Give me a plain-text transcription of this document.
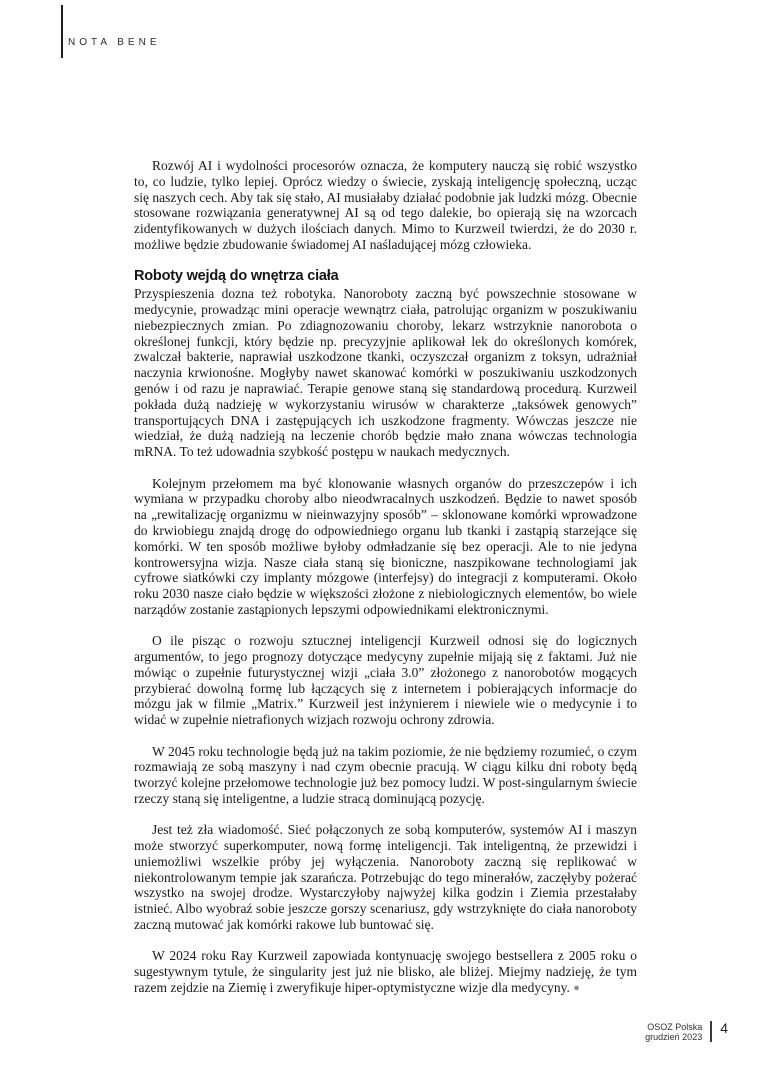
NOTA BENE

Rozwój AI i wydolności procesorów oznacza, że komputery nauczą się robić wszystko to, co ludzie, tylko lepiej. Oprócz wiedzy o świecie, zyskają inteligencję społeczną, ucząc się naszych cech. Aby tak się stało, AI musiałaby działać podobnie jak ludzki mózg. Obecnie stosowane rozwiązania generatywnej AI są od tego dalekie, bo opierają się na wzorcach zidentyfikowanych w dużych ilościach danych. Mimo to Kurzweil twierdzi, że do 2030 r. możliwe będzie zbudowanie świadomej AI naśladującej mózg człowieka.

Roboty wejdą do wnętrza ciała

Przyspieszenia dozna też robotyka. Nanoroboty zaczną być powszechnie stosowane w medycynie, prowadząc mini operacje wewnątrz ciała, patrolując organizm w poszukiwaniu niebezpiecznych zmian. Po zdiagnozowaniu choroby, lekarz wstrzyknie nanorobota o określonej funkcji, który będzie np. precyzyjnie aplikował lek do określonych komórek, zwalczał bakterie, naprawiał uszkodzone tkanki, oczyszczał organizm z toksyn, udrażniał naczynia krwionośne. Mogłyby nawet skanować komórki w poszukiwaniu uszkodzonych genów i od razu je naprawiać. Terapie genowe staną się standardową procedurą. Kurzweil pokłada dużą nadzieję w wykorzystaniu wirusów w charakterze „taksówek genowych” transportujących DNA i zastępujących ich uszkodzone fragmenty. Wówczas jeszcze nie wiedział, że dużą nadzieją na leczenie chorób będzie mało znana wówczas technologia mRNA. To też udowadnia szybkość postępu w naukach medycznych.

Kolejnym przełomem ma być klonowanie własnych organów do przeszczepów i ich wymiana w przypadku choroby albo nieodwracalnych uszkodzeń. Będzie to nawet sposób na „rewitalizację organizmu w nieinwazyjny sposób” – sklonowane komórki wprowadzone do krwiobiegu znajdą drogę do odpowiedniego organu lub tkanki i zastąpią starzejące się komórki. W ten sposób możliwe byłoby odmładzanie się bez operacji. Ale to nie jedyna kontrowersyjna wizja. Nasze ciała staną się bioniczne, naszpikowane technologiami jak cyfrowe siatkówki czy implanty mózgowe (interfejsy) do integracji z komputerami. Około roku 2030 nasze ciało będzie w większości złożone z niebiologicznych elementów, bo wiele narządów zostanie zastąpionych lepszymi odpowiednikami elektronicznymi.

O ile pisząc o rozwoju sztucznej inteligencji Kurzweil odnosi się do logicznych argumentów, to jego prognozy dotyczące medycyny zupełnie mijają się z faktami. Już nie mówiąc o zupełnie futurystycznej wizji „ciała 3.0” złożonego z nanorobotów mogących przybierać dowolną formę lub łączących się z internetem i pobierających informacje do mózgu jak w filmie „Matrix.” Kurzweil jest inżynierem i niewiele wie o medycynie i to widać w zupełnie nietrafionych wizjach rozwoju ochrony zdrowia.

W 2045 roku technologie będą już na takim poziomie, że nie będziemy rozumieć, o czym rozmawiają ze sobą maszyny i nad czym obecnie pracują. W ciągu kilku dni roboty będą tworzyć kolejne przełomowe technologie już bez pomocy ludzi. W post-singularnym świecie rzeczy staną się inteligentne, a ludzie stracą dominującą pozycję.

Jest też zła wiadomość. Sieć połączonych ze sobą komputerów, systemów AI i maszyn może stworzyć superkomputer, nową formę inteligencji. Tak inteligentną, że przewidzi i uniemożliwi wszelkie próby jej wyłączenia. Nanoroboty zaczną się replikować w niekontrolowanym tempie jak szarańcza. Potrzebując do tego minerałów, zaczęłyby pożerać wszystko na swojej drodze. Wystarczyłoby najwyżej kilka godzin i Ziemia przestałaby istnieć. Albo wyobraź sobie jeszcze gorszy scenariusz, gdy wstrzyknięte do ciała nanoroboty zaczną mutować jak komórki rakowe lub buntować się.

W 2024 roku Ray Kurzweil zapowiada kontynuację swojego bestsellera z 2005 roku o sugestywnym tytule, że singularity jest już nie blisko, ale bliżej. Miejmy nadzieję, że tym razem zejdzie na Ziemię i zweryfikuje hiper-optymistyczne wizje dla medycyny. ●

OSOZ Polska
grudzień 2023
4
